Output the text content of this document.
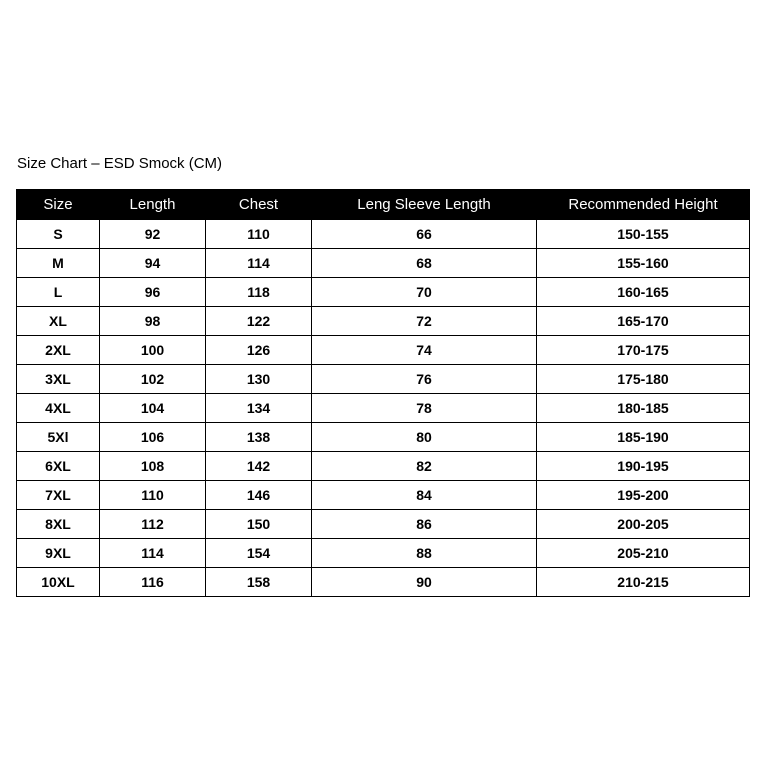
Size Chart – ESD Smock (CM)
Size	Length	Chest	Leng Sleeve Length	Recommended Height
S	92	110	66	150-155
M	94	114	68	155-160
L	96	118	70	160-165
XL	98	122	72	165-170
2XL	100	126	74	170-175
3XL	102	130	76	175-180
4XL	104	134	78	180-185
5Xl	106	138	80	185-190
6XL	108	142	82	190-195
7XL	110	146	84	195-200
8XL	112	150	86	200-205
9XL	114	154	88	205-210
10XL	116	158	90	210-215
